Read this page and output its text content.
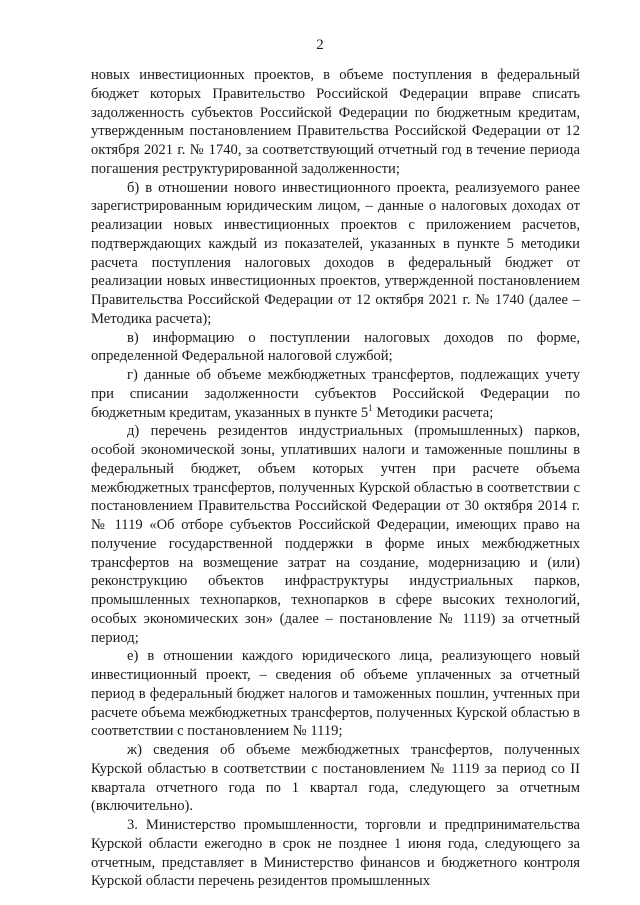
2

новых инвестиционных проектов, в объеме поступления в федеральный бюджет которых Правительство Российской Федерации вправе списать задолженность субъектов Российской Федерации по бюджетным кредитам, утвержденным постановлением Правительства Российской Федерации от 12 октября 2021 г. № 1740, за соответствующий отчетный год в течение периода погашения реструктурированной задолженности;

б) в отношении нового инвестиционного проекта, реализуемого ранее зарегистрированным юридическим лицом, – данные о налоговых доходах от реализации новых инвестиционных проектов с приложением расчетов, подтверждающих каждый из показателей, указанных в пункте 5 методики расчета поступления налоговых доходов в федеральный бюджет от реализации новых инвестиционных проектов, утвержденной постановлением Правительства Российской Федерации от 12 октября 2021 г. № 1740 (далее – Методика расчета);

в) информацию о поступлении налоговых доходов по форме, определенной Федеральной налоговой службой;

г) данные об объеме межбюджетных трансфертов, подлежащих учету при списании задолженности субъектов Российской Федерации по бюджетным кредитам, указанных в пункте $5^1$ Методики расчета;

д) перечень резидентов индустриальных (промышленных) парков, особой экономической зоны, уплативших налоги и таможенные пошлины в федеральный бюджет, объем которых учтен при расчете объема межбюджетных трансфертов, полученных Курской областью в соответствии с постановлением Правительства Российской Федерации от 30 октября 2014 г. № 1119 «Об отборе субъектов Российской Федерации, имеющих право на получение государственной поддержки в форме иных межбюджетных трансфертов на возмещение затрат на создание, модернизацию и (или) реконструкцию объектов инфраструктуры индустриальных парков, промышленных технопарков, технопарков в сфере высоких технологий, особых экономических зон» (далее – постановление № 1119) за отчетный период;

е) в отношении каждого юридического лица, реализующего новый инвестиционный проект, – сведения об объеме уплаченных за отчетный период в федеральный бюджет налогов и таможенных пошлин, учтенных при расчете объема межбюджетных трансфертов, полученных Курской областью в соответствии с постановлением № 1119;

ж) сведения об объеме межбюджетных трансфертов, полученных Курской областью в соответствии с постановлением № 1119 за период со II квартала отчетного года по 1 квартал года, следующего за отчетным (включительно).

3. Министерство промышленности, торговли и предпринимательства Курской области ежегодно в срок не позднее 1 июня года, следующего за отчетным, представляет в Министерство финансов и бюджетного контроля Курской области перечень резидентов промышленных
